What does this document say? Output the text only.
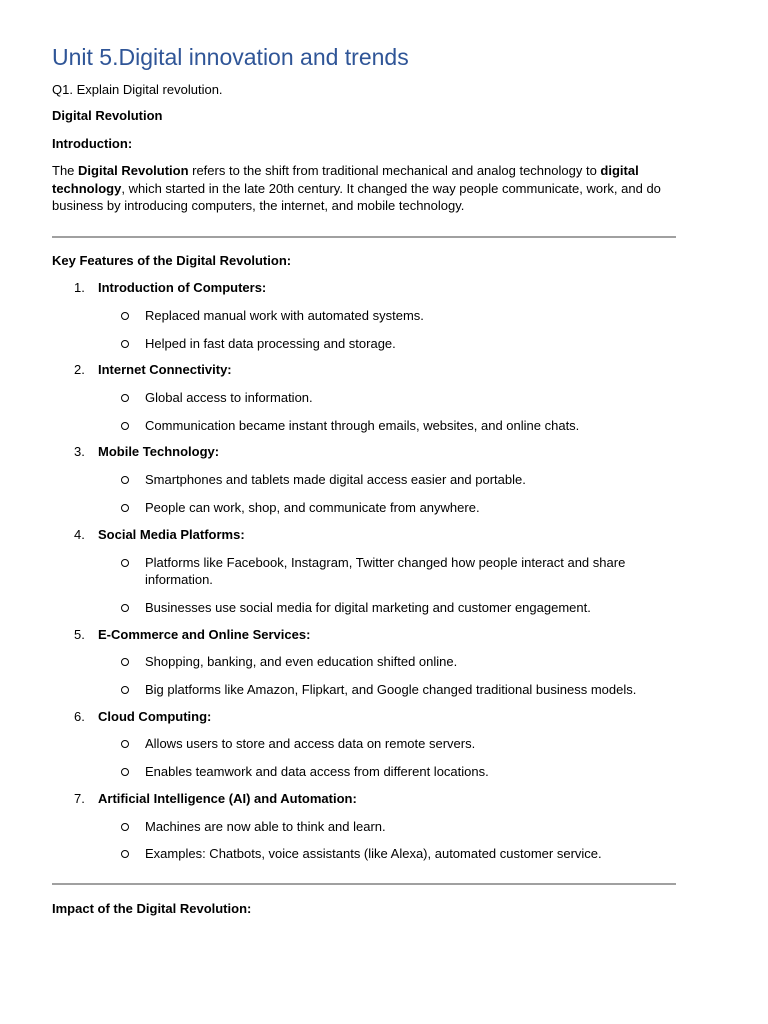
Unit 5.Digital innovation and trends
Q1. Explain Digital revolution.
Digital Revolution
Introduction:
The Digital Revolution refers to the shift from traditional mechanical and analog technology to digital technology, which started in the late 20th century. It changed the way people communicate, work, and do business by introducing computers, the internet, and mobile technology.
Key Features of the Digital Revolution:
1. Introduction of Computers:
Replaced manual work with automated systems.
Helped in fast data processing and storage.
2. Internet Connectivity:
Global access to information.
Communication became instant through emails, websites, and online chats.
3. Mobile Technology:
Smartphones and tablets made digital access easier and portable.
People can work, shop, and communicate from anywhere.
4. Social Media Platforms:
Platforms like Facebook, Instagram, Twitter changed how people interact and share information.
Businesses use social media for digital marketing and customer engagement.
5. E-Commerce and Online Services:
Shopping, banking, and even education shifted online.
Big platforms like Amazon, Flipkart, and Google changed traditional business models.
6. Cloud Computing:
Allows users to store and access data on remote servers.
Enables teamwork and data access from different locations.
7. Artificial Intelligence (AI) and Automation:
Machines are now able to think and learn.
Examples: Chatbots, voice assistants (like Alexa), automated customer service.
Impact of the Digital Revolution:
